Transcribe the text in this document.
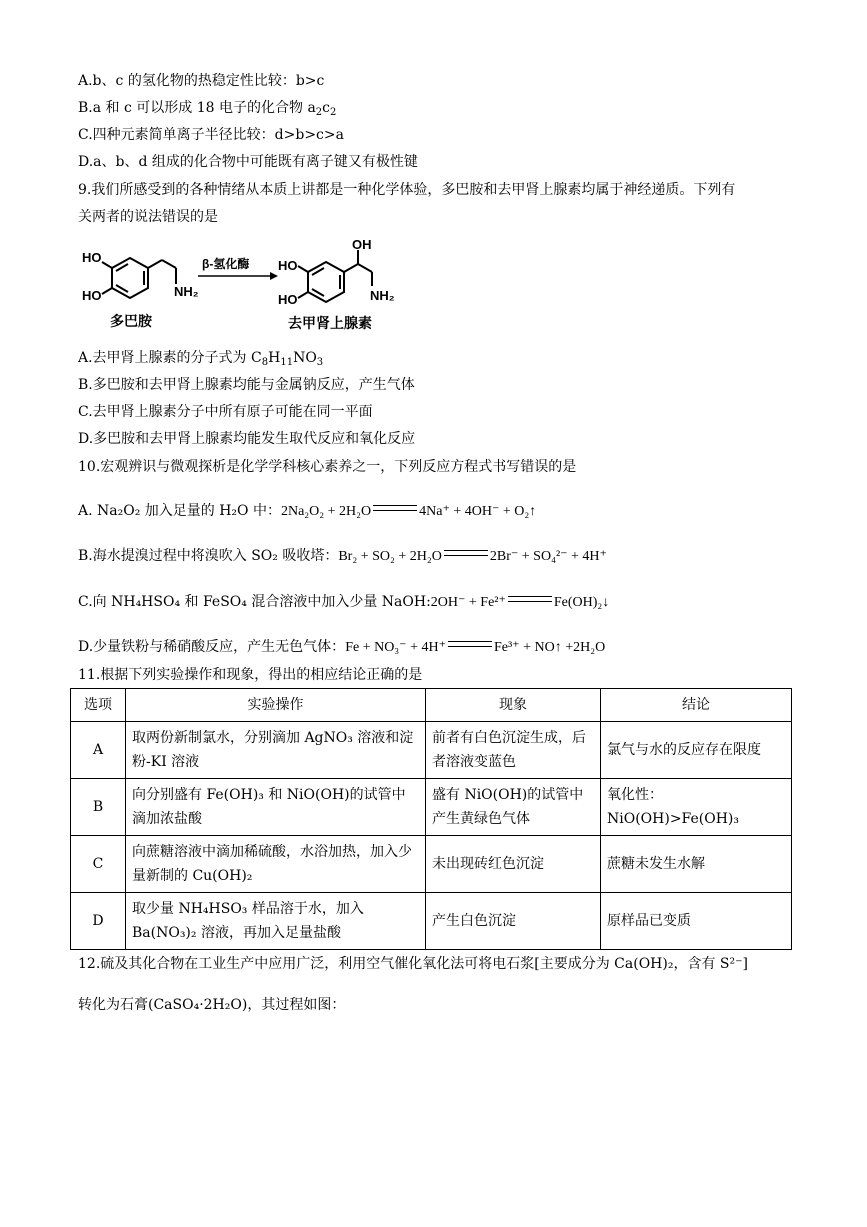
A.b、c 的氢化物的热稳定性比较：b>c
B.a 和 c 可以形成 18 电子的化合物 $a_2c_2$
C.四种元素简单离子半径比较：d>b>c>a
D.a、b、d 组成的化合物中可能既有离子键又有极性键
9.我们所感受到的各种情绪从本质上讲都是一种化学体验，多巴胺和去甲肾上腺素均属于神经递质。下列有
关两者的说法错误的是
HO
HO	NH₂
多巴胺
β-氢化酶 HO
HO
OH
NH₂
去甲肾上腺素
A.去甲肾上腺素的分子式为 $C_8H_{11}NO_3$
B.多巴胺和去甲肾上腺素均能与金属钠反应，产生气体
C.去甲肾上腺素分子中所有原子可能在同一平面
D.多巴胺和去甲肾上腺素均能发生取代反应和氧化反应
10.宏观辨识与微观探析是化学学科核心素养之一，下列反应方程式书写错误的是
A. Na₂O₂ 加入足量的 H₂O 中：2Na₂O₂ + 2H₂O	4Na⁺ + 4OH⁻ + O₂↑
B.海水提溴过程中将溴吹入 SO₂ 吸收塔：Br₂ + SO₂ + 2H₂O	2Br⁻ + SO₄²⁻ + 4H⁺
C.向 NH₄HSO₄ 和 FeSO₄ 混合溶液中加入少量 NaOH:2OH⁻ + Fe²⁺	Fe(OH)₂↓
D.少量铁粉与稀硝酸反应，产生无色气体：Fe + NO₃⁻ + 4H⁺	Fe³⁺ + NO↑ +2H₂O
11.根据下列实验操作和现象，得出的相应结论正确的是
选项	实验操作	现象	结论
A	取两份新制氯水，分别滴加 AgNO₃ 溶液和淀粉-KI 溶液	前者有白色沉淀生成，后者溶液变蓝色	氯气与水的反应存在限度
B	向分别盛有 Fe(OH)₃ 和 NiO(OH)的试管中滴加浓盐酸	盛有 NiO(OH)的试管中产生黄绿色气体	氧化性：NiO(OH)>Fe(OH)₃
C	向蔗糖溶液中滴加稀硫酸，水浴加热，加入少量新制的 Cu(OH)₂	未出现砖红色沉淀	蔗糖未发生水解
D	取少量 NH₄HSO₃ 样品溶于水，加入 Ba(NO₃)₂ 溶液，再加入足量盐酸	产生白色沉淀	原样品已变质
12.硫及其化合物在工业生产中应用广泛，利用空气催化氧化法可将电石浆[主要成分为 Ca(OH)₂，含有 S²⁻]
转化为石膏(CaSO₄·2H₂O)，其过程如图：
